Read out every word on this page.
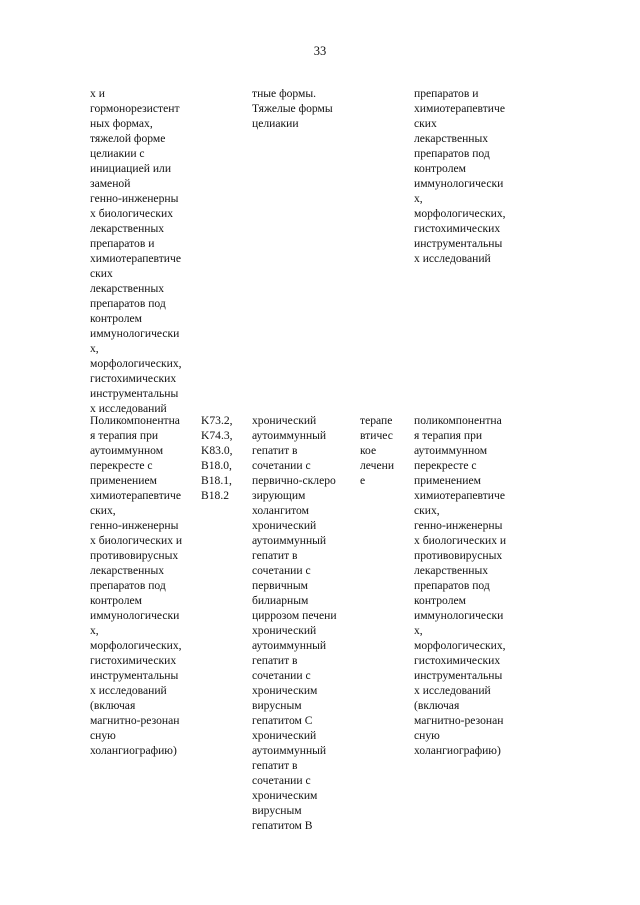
33
х и
гормонорезистент
ных формах,
тяжелой форме
целиакии с
инициацией или
заменой
генно-инженерны
х биологических
лекарственных
препаратов и
химиотерапевтиче
ских
лекарственных
препаратов под
контролем
иммунологически
х,
морфологических,
гистохимических
инструментальны
х исследований
тные формы.
Тяжелые формы
целиакии
препаратов и
химиотерапевтиче
ских
лекарственных
препаратов под
контролем
иммунологически
х,
морфологических,
гистохимических
инструментальны
х исследований
Поликомпонентна
я терапия при
аутоиммунном
перекресте с
применением
химиотерапевтиче
ских,
генно-инженерны
х биологических и
противовирусных
лекарственных
препаратов под
контролем
иммунологически
х,
морфологических,
гистохимических
инструментальны
х исследований
(включая
магнитно-резонан
сную
холангиографию)
K73.2,
K74.3,
K83.0,
B18.0,
B18.1,
B18.2
хронический
аутоиммунный
гепатит в
сочетании с
первично-склеро
зирующим
холангитом
хронический
аутоиммунный
гепатит в
сочетании с
первичным
билиарным
циррозом печени
хронический
аутоиммунный
гепатит в
сочетании с
хроническим
вирусным
гепатитом С
хронический
аутоиммунный
гепатит в
сочетании с
хроническим
вирусным
гепатитом В
терапе
втичес
кое
лечени
е
поликомпонентна
я терапия при
аутоиммунном
перекресте с
применением
химиотерапевтиче
ских,
генно-инженерны
х биологических и
противовирусных
лекарственных
препаратов под
контролем
иммунологически
х,
морфологических,
гистохимических
инструментальны
х исследований
(включая
магнитно-резонан
сную
холангиографию)
